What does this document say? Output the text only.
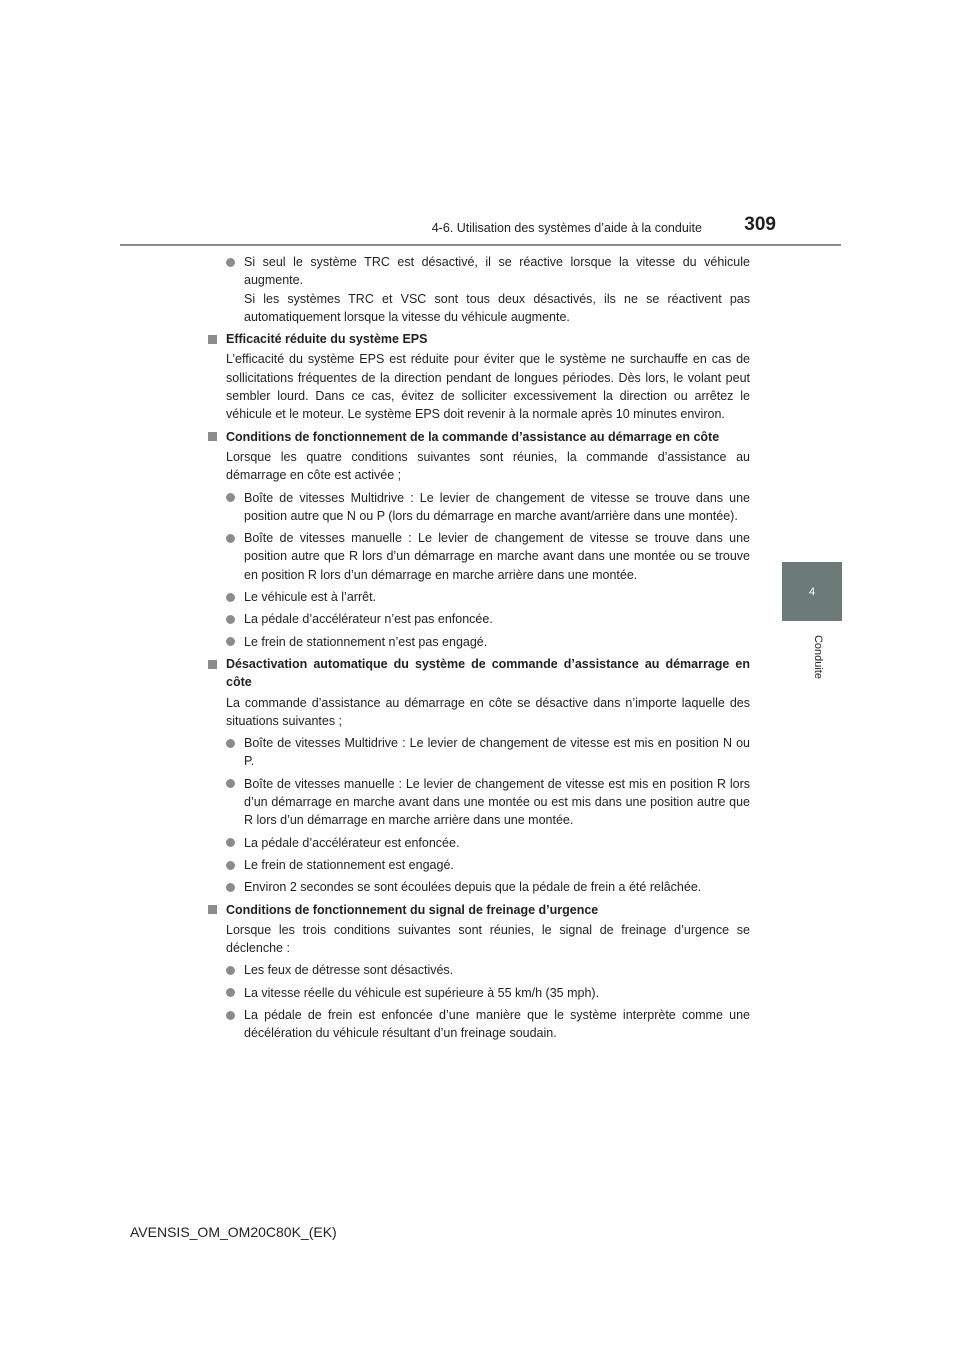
4-6. Utilisation des systèmes d’aide à la conduite	309
4
Conduite
Si seul le système TRC est désactivé, il se réactive lorsque la vitesse du véhicule augmente.
Si les systèmes TRC et VSC sont tous deux désactivés, ils ne se réactivent pas automatiquement lorsque la vitesse du véhicule augmente.
Efficacité réduite du système EPS
L’efficacité du système EPS est réduite pour éviter que le système ne surchauffe en cas de sollicitations fréquentes de la direction pendant de longues périodes. Dès lors, le volant peut sembler lourd. Dans ce cas, évitez de solliciter excessivement la direction ou arrêtez le véhicule et le moteur. Le système EPS doit revenir à la normale après 10 minutes environ.
Conditions de fonctionnement de la commande d’assistance au démarrage en côte
Lorsque les quatre conditions suivantes sont réunies, la commande d’assistance au démarrage en côte est activée ;
Boîte de vitesses Multidrive : Le levier de changement de vitesse se trouve dans une position autre que N ou P (lors du démarrage en marche avant/arrière dans une montée).
Boîte de vitesses manuelle : Le levier de changement de vitesse se trouve dans une position autre que R lors d’un démarrage en marche avant dans une montée ou se trouve en position R lors d’un démarrage en marche arrière dans une montée.
Le véhicule est à l’arrêt.
La pédale d’accélérateur n’est pas enfoncée.
Le frein de stationnement n’est pas engagé.
Désactivation automatique du système de commande d’assistance au démarrage en côte
La commande d’assistance au démarrage en côte se désactive dans n’importe laquelle des situations suivantes ;
Boîte de vitesses Multidrive : Le levier de changement de vitesse est mis en position N ou P.
Boîte de vitesses manuelle : Le levier de changement de vitesse est mis en position R lors d’un démarrage en marche avant dans une montée ou est mis dans une position autre que R lors d’un démarrage en marche arrière dans une montée.
La pédale d’accélérateur est enfoncée.
Le frein de stationnement est engagé.
Environ 2 secondes se sont écoulées depuis que la pédale de frein a été relâchée.
Conditions de fonctionnement du signal de freinage d’urgence
Lorsque les trois conditions suivantes sont réunies, le signal de freinage d’urgence se déclenche :
Les feux de détresse sont désactivés.
La vitesse réelle du véhicule est supérieure à 55 km/h (35 mph).
La pédale de frein est enfoncée d’une manière que le système interprète comme une décélération du véhicule résultant d’un freinage soudain.
AVENSIS_OM_OM20C80K_(EK)
